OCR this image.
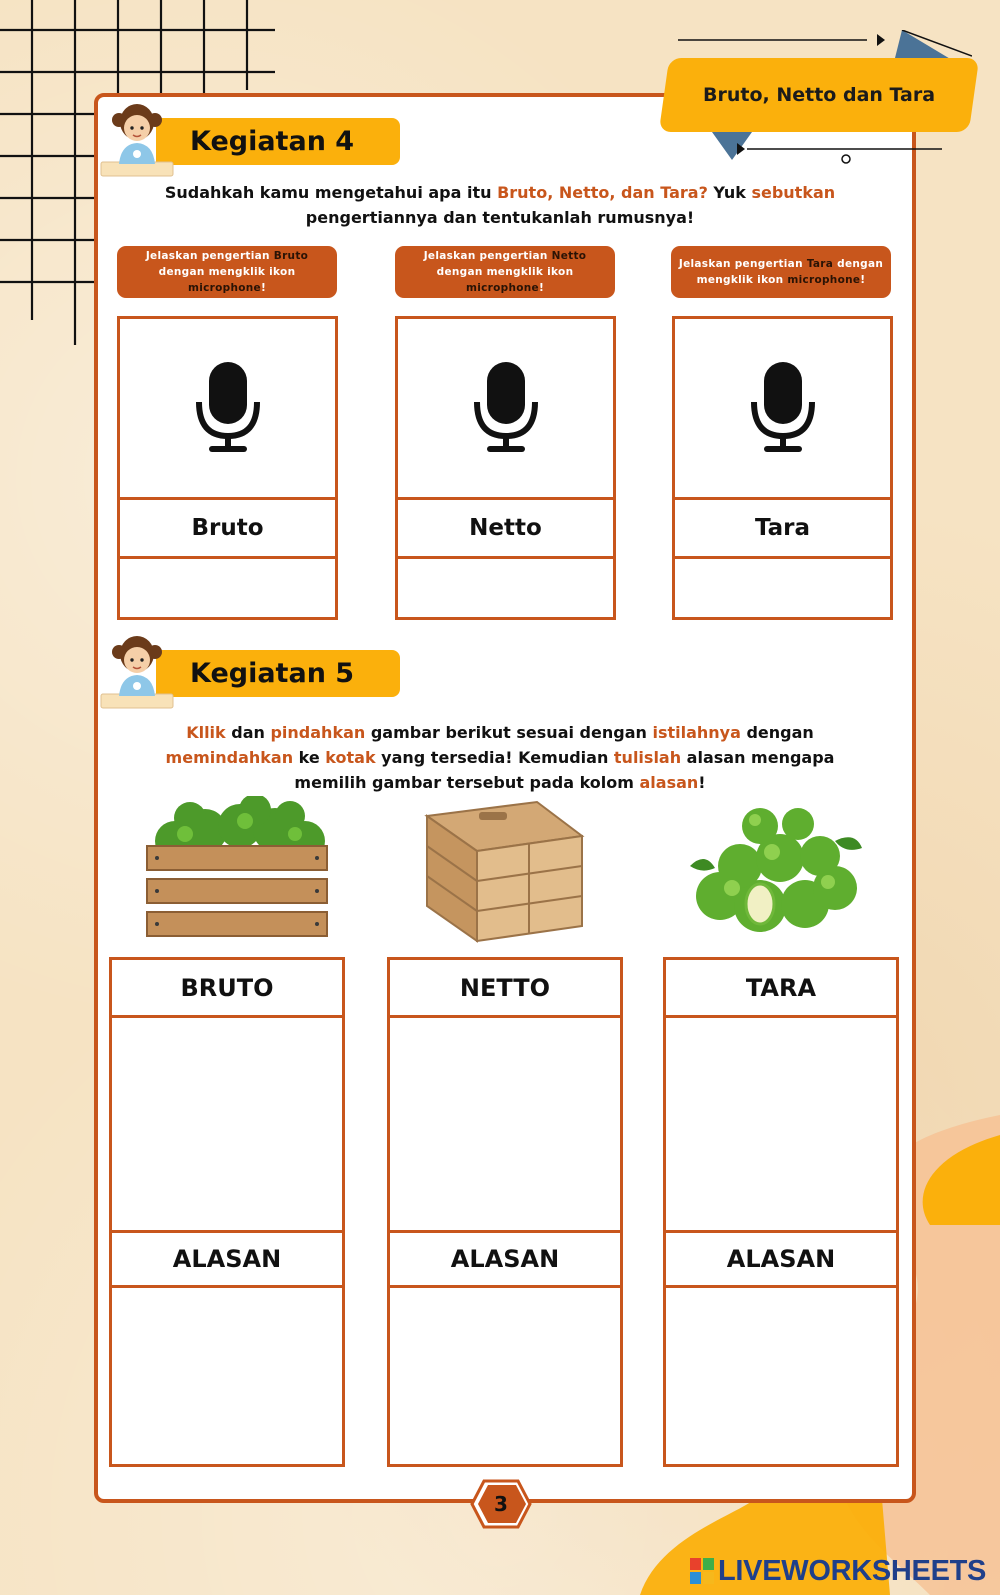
Bruto, Netto dan Tara
Kegiatan 4
Sudahkah kamu mengetahui apa itu Bruto, Netto, dan Tara? Yuk sebutkan pengertiannya dan tentukanlah rumusnya!
Jelaskan pengertian Bruto dengan mengklik ikon microphone!
Jelaskan pengertian Netto dengan mengklik ikon microphone!
Jelaskan pengertian Tara dengan mengklik ikon microphone!
Bruto	Netto	Tara
Kegiatan 5
Kllik dan pindahkan gambar berikut sesuai dengan istilahnya dengan memindahkan ke kotak yang tersedia! Kemudian tulislah alasan mengapa memilih gambar tersebut pada kolom alasan!
BRUTO
ALASAN
NETTO
ALASAN
TARA
ALASAN
3
LIVEWORKSHEETS
